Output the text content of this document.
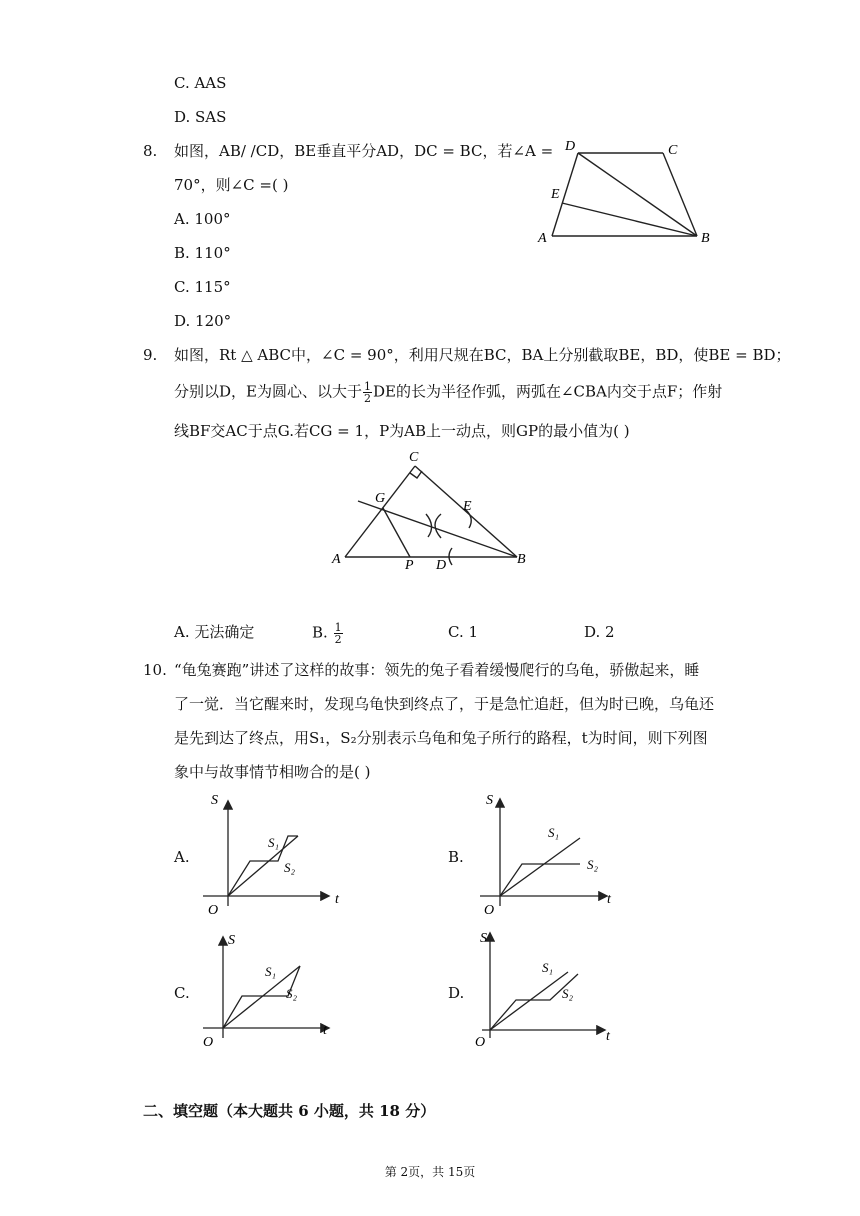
C. AAS
D. SAS
8. 如图，AB/ /CD，BE垂直平分AD，DC = BC，若∠A =
70°，则∠C =( )
A. 100°
B. 110°
C. 115°
D. 120°
D	C
E
A	B
9. 如图，Rt △ ABC中，∠C = 90°，利用尺规在BC，BA上分别截取BE，BD，使BE = BD；
分别以D，E为圆心、以大于 $\frac{1}{2}$ DE的长为半径作弧，两弧在∠CBA内交于点F；作射
线BF交AC于点G.若CG = 1，P为AB上一动点，则GP的最小值为( )
C
G
E
A	P D	B
A. 无法确定	B. $\frac{1}{2}$	C. 1	D. 2
10. “龟兔赛跑”讲述了这样的故事：领先的兔子看着缓慢爬行的乌龟，骄傲起来，睡
了一觉．当它醒来时，发现乌龟快到终点了，于是急忙追赶，但为时已晚，乌龟还
是先到达了终点，用S₁，S₂分别表示乌龟和兔子所行的路程，t为时间，则下列图
象中与故事情节相吻合的是( )
A.	B.
C.	D.
S
O
t
S₁
S₂
S
O
t
S₁
S₂
S
O
t
S₁
S₂
S
O	t
S₁
S₂
二、填空题（本大题共 6 小题，共 18 分）
第 2页，共 15页
